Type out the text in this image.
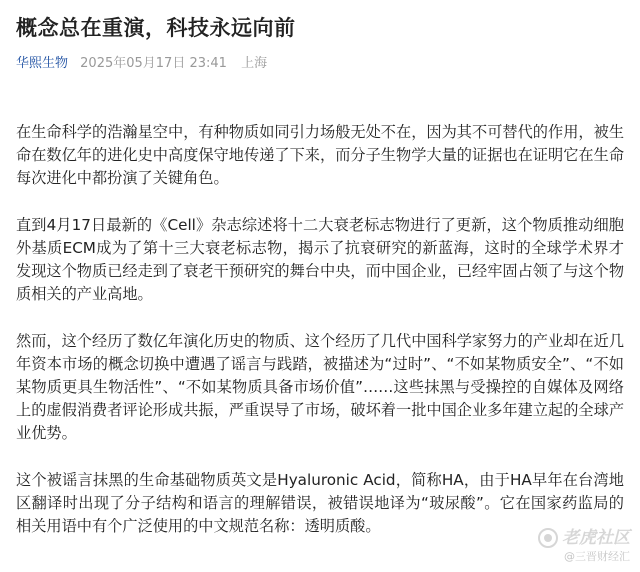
概念总在重演，科技永远向前
华熙生物 2025年05月17日 23:41 上海

在生命科学的浩瀚星空中，有种物质如同引力场般无处不在，因为其不可替代的作用，被生命在数亿年的进化史中高度保守地传递了下来，而分子生物学大量的证据也在证明它在生命每次进化中都扮演了关键角色。

直到4月17日最新的《Cell》杂志综述将十二大衰老标志物进行了更新，这个物质推动细胞外基质ECM成为了第十三大衰老标志物，揭示了抗衰研究的新蓝海，这时的全球学术界才发现这个物质已经走到了衰老干预研究的舞台中央，而中国企业，已经牢固占领了与这个物质相关的产业高地。

然而，这个经历了数亿年演化历史的物质、这个经历了几代中国科学家努力的产业却在近几年资本市场的概念切换中遭遇了谣言与践踏，被描述为“过时”、“不如某物质安全”、“不如某物质更具生物活性”、“不如某物质具备市场价值”……这些抹黑与受操控的自媒体及网络上的虚假消费者评论形成共振，严重误导了市场，破坏着一批中国企业多年建立起的全球产业优势。

这个被谣言抹黑的生命基础物质英文是Hyaluronic Acid，简称HA，由于HA早年在台湾地区翻译时出现了分子结构和语言的理解错误，被错误地译为“玻尿酸”。它在国家药监局的相关用语中有个广泛使用的中文规范名称：透明质酸。

老虎社区
@三晋财经汇
